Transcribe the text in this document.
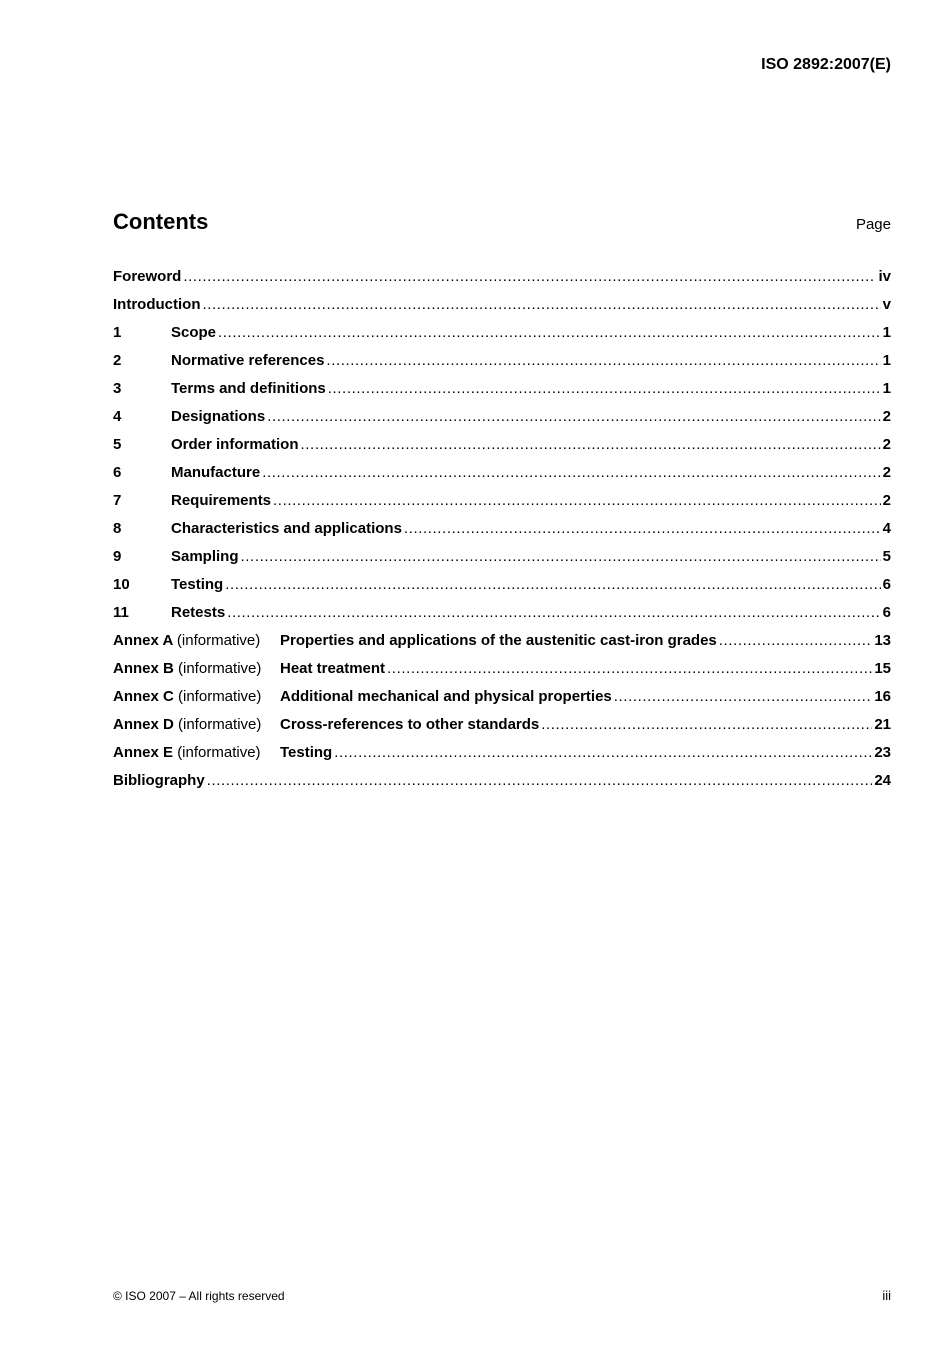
ISO 2892:2007(E)
Contents	Page
Foreword .....	iv
Introduction .....	v
1	Scope .....	1
2	Normative references .....	1
3	Terms and definitions .....	1
4	Designations .....	2
5	Order information .....	2
6	Manufacture .....	2
7	Requirements .....	2
8	Characteristics and applications .....	4
9	Sampling .....	5
10	Testing .....	6
11	Retests .....	6
Annex A (informative)	Properties and applications of the austenitic cast-iron grades .....	13
Annex B (informative)	Heat treatment .....	15
Annex C (informative)	Additional mechanical and physical properties .....	16
Annex D (informative)	Cross-references to other standards .....	21
Annex E (informative)	Testing .....	23
Bibliography .....	24
© ISO 2007 – All rights reserved	iii
